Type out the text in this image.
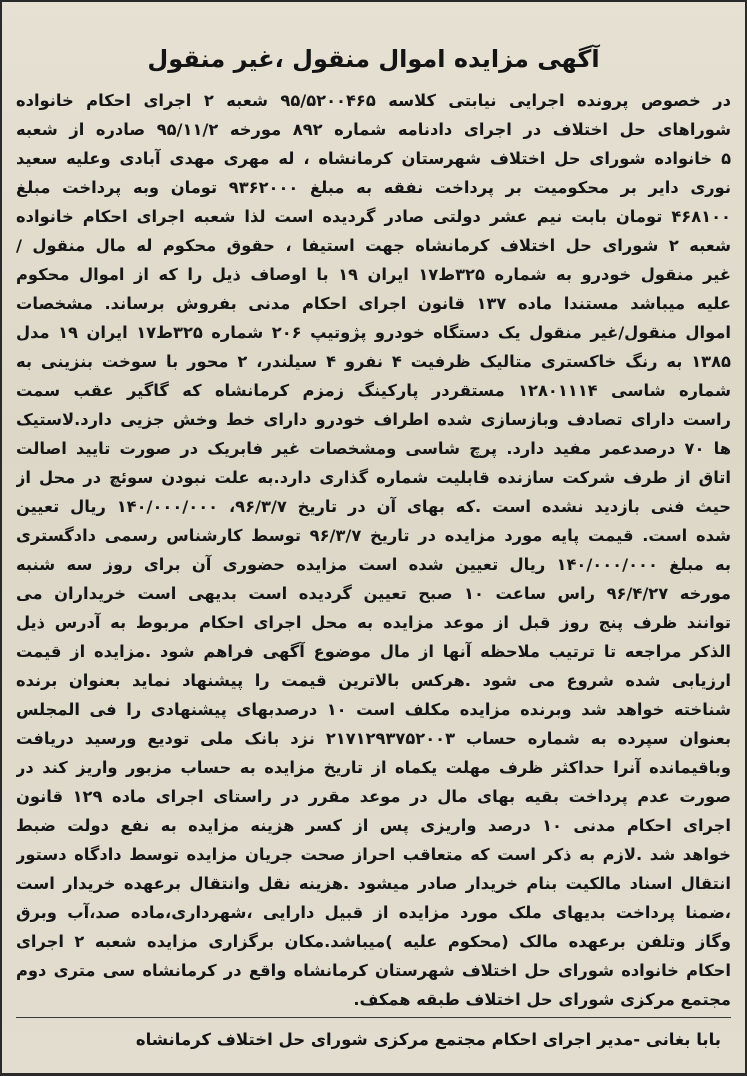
آگهی مزایده اموال منقول ،غیر منقول
در خصوص پرونده اجرایی نیابتی کلاسه ۹۵/۵۲۰۰۴۶۵ شعبه ۲ اجرای احکام خانواده
شوراهای حل اختلاف در اجرای دادنامه شماره ۸۹۲ مورخه ۹۵/۱۱/۲ صادره از شعبه
۵ خانواده شورای حل اختلاف شهرستان کرمانشاه ، له مهری مهدی آبادی وعلیه سعید
نوری دایر بر محکومیت بر پرداخت نفقه به مبلغ ۹۳۶۲۰۰۰ تومان وبه پرداخت مبلغ
۴۶۸۱۰۰ تومان بابت نیم عشر دولتی صادر گردیده است لذا شعبه اجرای احکام خانواده
شعبه ۲ شورای حل اختلاف کرمانشاه جهت استیفا ، حقوق محکوم له مال منقول /
غیر منقول خودرو به شماره ۳۲۵ط۱۷ ایران ۱۹ با اوصاف ذیل را که از اموال محکوم
علیه میباشد مستندا ماده ۱۳۷ قانون اجرای احکام مدنی بفروش برساند. مشخصات
اموال منقول/غیر منقول یک دستگاه خودرو پژوتیپ ۲۰۶ شماره ۳۲۵ط۱۷ ایران ۱۹ مدل
۱۳۸۵ به رنگ خاکستری متالیک ظرفیت ۴ نفرو ۴ سیلندر، ۲ محور با سوخت بنزینی به
شماره شاسی ۱۲۸۰۱۱۱۴ مستقردر پارکینگ زمزم کرمانشاه که گاگیر عقب سمت
راست دارای تصادف وبازسازی شده اطراف خودرو دارای خط وخش جزیی دارد.لاستیک
ها ۷۰ درصدعمر مفید دارد. پرچ شاسی ومشخصات غیر فابریک در صورت تایید اصالت
اتاق از طرف شرکت سازنده قابلیت شماره گذاری دارد.به علت نبودن سوئچ در محل از
حیث فنی بازدید نشده است .که بهای آن در تاریخ ۹۶/۳/۷، ۱۴۰/۰۰۰/۰۰۰ ریال تعیین
شده است. قیمت پایه مورد مزایده در تاریخ ۹۶/۳/۷ توسط کارشناس رسمی دادگستری
به مبلغ ۱۴۰/۰۰۰/۰۰۰ ریال تعیین شده است مزایده حضوری آن برای روز سه شنبه
مورخه ۹۶/۴/۲۷ راس ساعت ۱۰ صبح تعیین گردیده است بدیهی است خریداران می
توانند ظرف پنج روز قبل از موعد مزایده به محل اجرای احکام مربوط به آدرس ذیل
الذکر مراجعه تا ترتیب ملاحظه آنها از مال موضوع آگهی فراهم شود .مزایده از قیمت
ارزیابی شده شروع می شود .هرکس بالاترین قیمت را پیشنهاد نماید بعنوان برنده
شناخته خواهد شد وبرنده مزایده مکلف است ۱۰ درصدبهای پیشنهادی را فی المجلس
بعنوان سپرده به شماره حساب ۲۱۷۱۲۹۳۷۵۲۰۰۳ نزد بانک ملی تودیع ورسید دریافت
وباقیمانده آنرا حداکثر ظرف مهلت یکماه از تاریخ مزایده به حساب مزبور واریز کند در
صورت عدم پرداخت بقیه بهای مال در موعد مقرر در راستای اجرای ماده ۱۲۹ قانون
اجرای احکام مدنی ۱۰ درصد واریزی پس از کسر هزینه مزایده به نفع دولت ضبط
خواهد شد .لازم به ذکر است که متعاقب احراز صحت جریان مزایده توسط دادگاه دستور
انتقال اسناد مالکیت بنام خریدار صادر میشود .هزینه نقل وانتقال برعهده خریدار است
،ضمنا پرداخت بدیهای ملک مورد مزایده از قبیل دارایی ،شهرداری،ماده صد،آب وبرق
وگاز وتلفن برعهده مالک (محکوم علیه )میباشد.مکان برگزاری مزایده شعبه ۲ اجرای
احکام خانواده شورای حل اختلاف شهرستان کرمانشاه واقع در کرمانشاه سی متری دوم
مجتمع مرکزی شورای حل اختلاف طبقه همکف.
بابا بغانی -مدیر اجرای احکام مجتمع مرکزی شورای حل اختلاف کرمانشاه
